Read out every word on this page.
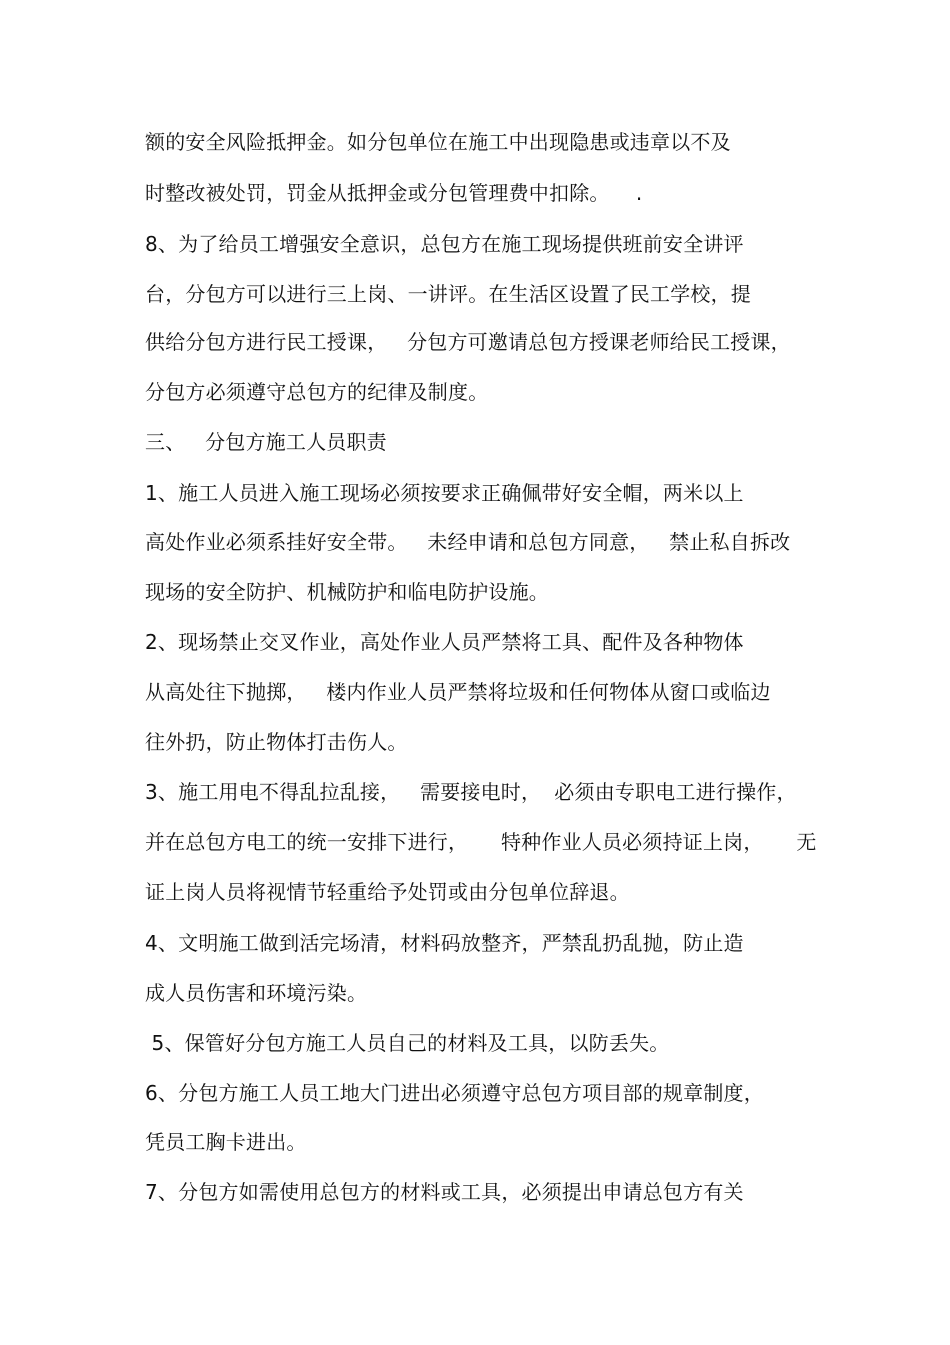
额的安全风险抵押金。如分包单位在施工中出现隐患或违章以不及
时整改被处罚，罚金从抵押金或分包管理费中扣除。    .
8、为了给员工增强安全意识，总包方在施工现场提供班前安全讲评
台，分包方可以进行三上岗、一讲评。在生活区设置了民工学校，提
供给分包方进行民工授课，   分包方可邀请总包方授课老师给民工授课，
分包方必须遵守总包方的纪律及制度。
三、   分包方施工人员职责
1、施工人员进入施工现场必须按要求正确佩带好安全帽，两米以上
高处作业必须系挂好安全带。   未经申请和总包方同意，   禁止私自拆改
现场的安全防护、机械防护和临电防护设施。
2、现场禁止交叉作业，高处作业人员严禁将工具、配件及各种物体
从高处往下抛掷，   楼内作业人员严禁将垃圾和任何物体从窗口或临边
往外扔，防止物体打击伤人。
3、施工用电不得乱拉乱接，   需要接电时，  必须由专职电工进行操作，
并在总包方电工的统一安排下进行，     特种作业人员必须持证上岗，     无
证上岗人员将视情节轻重给予处罚或由分包单位辞退。
4、文明施工做到活完场清，材料码放整齐，严禁乱扔乱抛，防止造
成人员伤害和环境污染。
5、保管好分包方施工人员自己的材料及工具，以防丢失。
6、分包方施工人员工地大门进出必须遵守总包方项目部的规章制度，
凭员工胸卡进出。
7、分包方如需使用总包方的材料或工具，必须提出申请总包方有关
